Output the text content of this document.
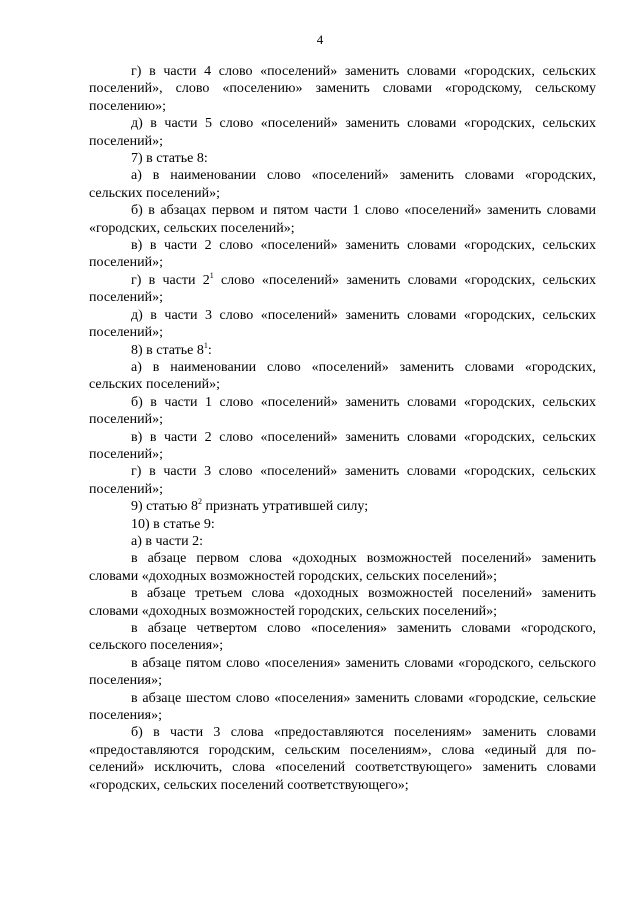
4

г) в части 4 слово «поселений» заменить словами «городских, сельских поселений», слово «поселению» заменить словами «городскому, сельскому поселению»;

д) в части 5 слово «поселений» заменить словами «городских, сельских поселений»;

7) в статье 8:

а) в наименовании слово «поселений» заменить словами «городских, сельских поселений»;

б) в абзацах первом и пятом части 1 слово «поселений» заменить словами «городских, сельских поселений»;

в) в части 2 слово «поселений» заменить словами «городских, сельских поселений»;

г) в части $2^1$ слово «поселений» заменить словами «городских, сельских поселений»;

д) в части 3 слово «поселений» заменить словами «городских, сельских поселений»;

8) в статье $8^1$:

а) в наименовании слово «поселений» заменить словами «городских, сельских поселений»;

б) в части 1 слово «поселений» заменить словами «городских, сельских поселений»;

в) в части 2 слово «поселений» заменить словами «городских, сельских поселений»;

г) в части 3 слово «поселений» заменить словами «городских, сельских поселений»;

9) статью $8^2$ признать утратившей силу;

10) в статье 9:

а) в части 2:

в абзаце первом слова «доходных возможностей поселений» заменить словами «доходных возможностей городских, сельских поселений»;

в абзаце третьем слова «доходных возможностей поселений» заменить словами «доходных возможностей городских, сельских поселений»;

в абзаце четвертом слово «поселения» заменить словами «городского, сельского поселения»;

в абзаце пятом слово «поселения» заменить словами «городского, сельского поселения»;

в абзаце шестом слово «поселения» заменить словами «городские, сельские поселения»;

б) в части 3 слова «предоставляются поселениям» заменить словами «предоставляются городским, сельским поселениям», слова «единый для поселений» исключить, слова «поселений соответствующего» заменить словами «городских, сельских поселений соответствующего»;
